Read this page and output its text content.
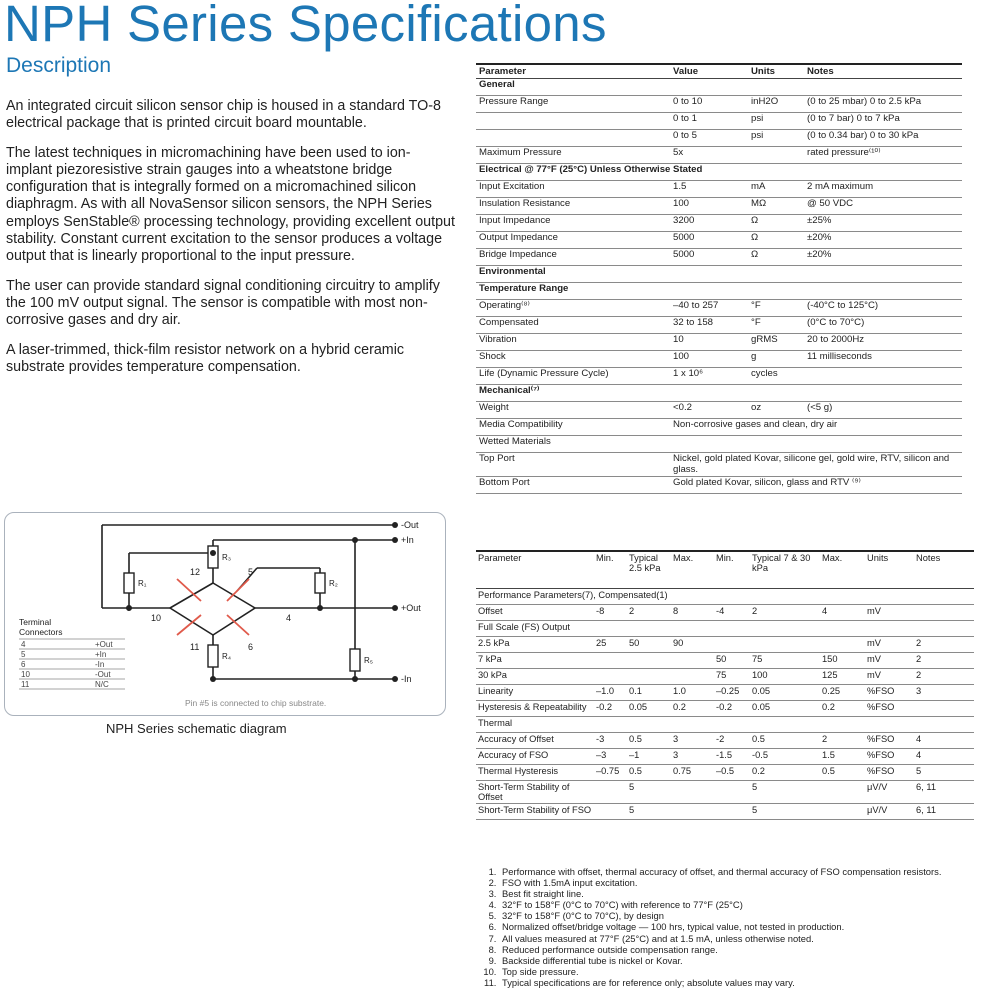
NPH Series Specifications
Description

An integrated circuit silicon sensor chip is housed in a standard TO-8 electrical package that is printed circuit board mountable.

The latest techniques in micromachining have been used to ion-implant piezoresistive strain gauges into a wheatstone bridge configuration that is integrally formed on a micromachined silicon diaphragm. As with all NovaSensor silicon sensors, the NPH Series employs SenStable® processing technology, providing excellent output stability. Constant current excitation to the sensor produces a voltage output that is linearly proportional to the input pressure.

The user can provide standard signal conditioning circuitry to amplify the 100 mV output signal. The sensor is compatible with most non-corrosive gases and dry air.

A laser-trimmed, thick-film resistor network on a hybrid ceramic substrate provides temperature compensation.

-Out
+In
+Out
-In
12	5
10	4
11	6
R₁
R₃
R₂
R₄	R₅
Terminal
Connectors
4	+Out
5	+In
6	-In
10	-Out
11	N/C
Pin #5 is connected to chip substrate.
NPH Series schematic diagram
Parameter	Value	Units	Notes
General			
Pressure Range	0 to 10	inH2O	(0 to 25 mbar) 0 to 2.5 kPa
	0 to 1	psi	(0 to 7 bar) 0 to 7 kPa
	0 to 5	psi	(0 to 0.34 bar) 0 to 30 kPa
Maximum Pressure	5x		rated pressure⁽¹⁰⁾
Electrical @ 77°F (25°C) Unless Otherwise Stated			
Input Excitation	1.5	mA	2 mA maximum
Insulation Resistance	100	MΩ	@ 50 VDC
Input Impedance	3200	Ω	±25%
Output Impedance	5000	Ω	±20%
Bridge Impedance	5000	Ω	±20%
Environmental			
Temperature Range			
Operating⁽⁸⁾	–40 to 257	°F	(-40°C to 125°C)
Compensated	32 to 158	°F	(0°C to 70°C)
Vibration	10	gRMS	20 to 2000Hz
Shock	100	g	11 milliseconds
Life (Dynamic Pressure Cycle)	1 x 10⁶	cycles	
Mechanical⁽⁷⁾			
Weight	<0.2	oz	(<5 g)
Media Compatibility	Non-corrosive gases and clean, dry air		
Wetted Materials			
Top Port	Nickel, gold plated Kovar, silicone gel, gold wire, RTV, silicon and glass.		
Bottom Port	Gold plated Kovar, silicon, glass and RTV ⁽⁹⁾		
Parameter	Min.	Typical 2.5 kPa	Max.	Min.	Typical 7 & 30 kPa	Max.	Units	Notes
Performance Parameters(7), Compensated(1)								
Offset	-8	2	8	-4	2	4	mV	
Full Scale (FS) Output								
2.5 kPa	25	50	90				mV	2
7 kPa				50	75	150	mV	2
30 kPa				75	100	125	mV	2
Linearity	–1.0	0.1	1.0	–0.25	0.05	0.25	%FSO	3
Hysteresis & Repeatability	-0.2	0.05	0.2	-0.2	0.05	0.2	%FSO	
Thermal								
Accuracy of Offset	-3	0.5	3	-2	0.5	2	%FSO	4
Accuracy of FSO	–3	–1	3	-1.5	-0.5	1.5	%FSO	4
Thermal Hysteresis	–0.75	0.5	0.75	–0.5	0.2	0.5	%FSO	5
Short-Term Stability of Offset		5			5		μV/V	6, 11
Short-Term Stability of FSO		5			5		μV/V	6, 11
1. Performance with offset, thermal accuracy of offset, and thermal accuracy of FSO compensation resistors.
2. FSO with 1.5mA input excitation.
3. Best fit straight line.
4. 32°F to 158°F (0°C to 70°C) with reference to 77°F (25°C)
5. 32°F to 158°F (0°C to 70°C), by design
6. Normalized offset/bridge voltage — 100 hrs, typical value, not tested in production.
7. All values measured at 77°F (25°C) and at 1.5 mA, unless otherwise noted.
8. Reduced performance outside compensation range.
9. Backside differential tube is nickel or Kovar.
10. Top side pressure.
11. Typical specifications are for reference only; absolute values may vary.
